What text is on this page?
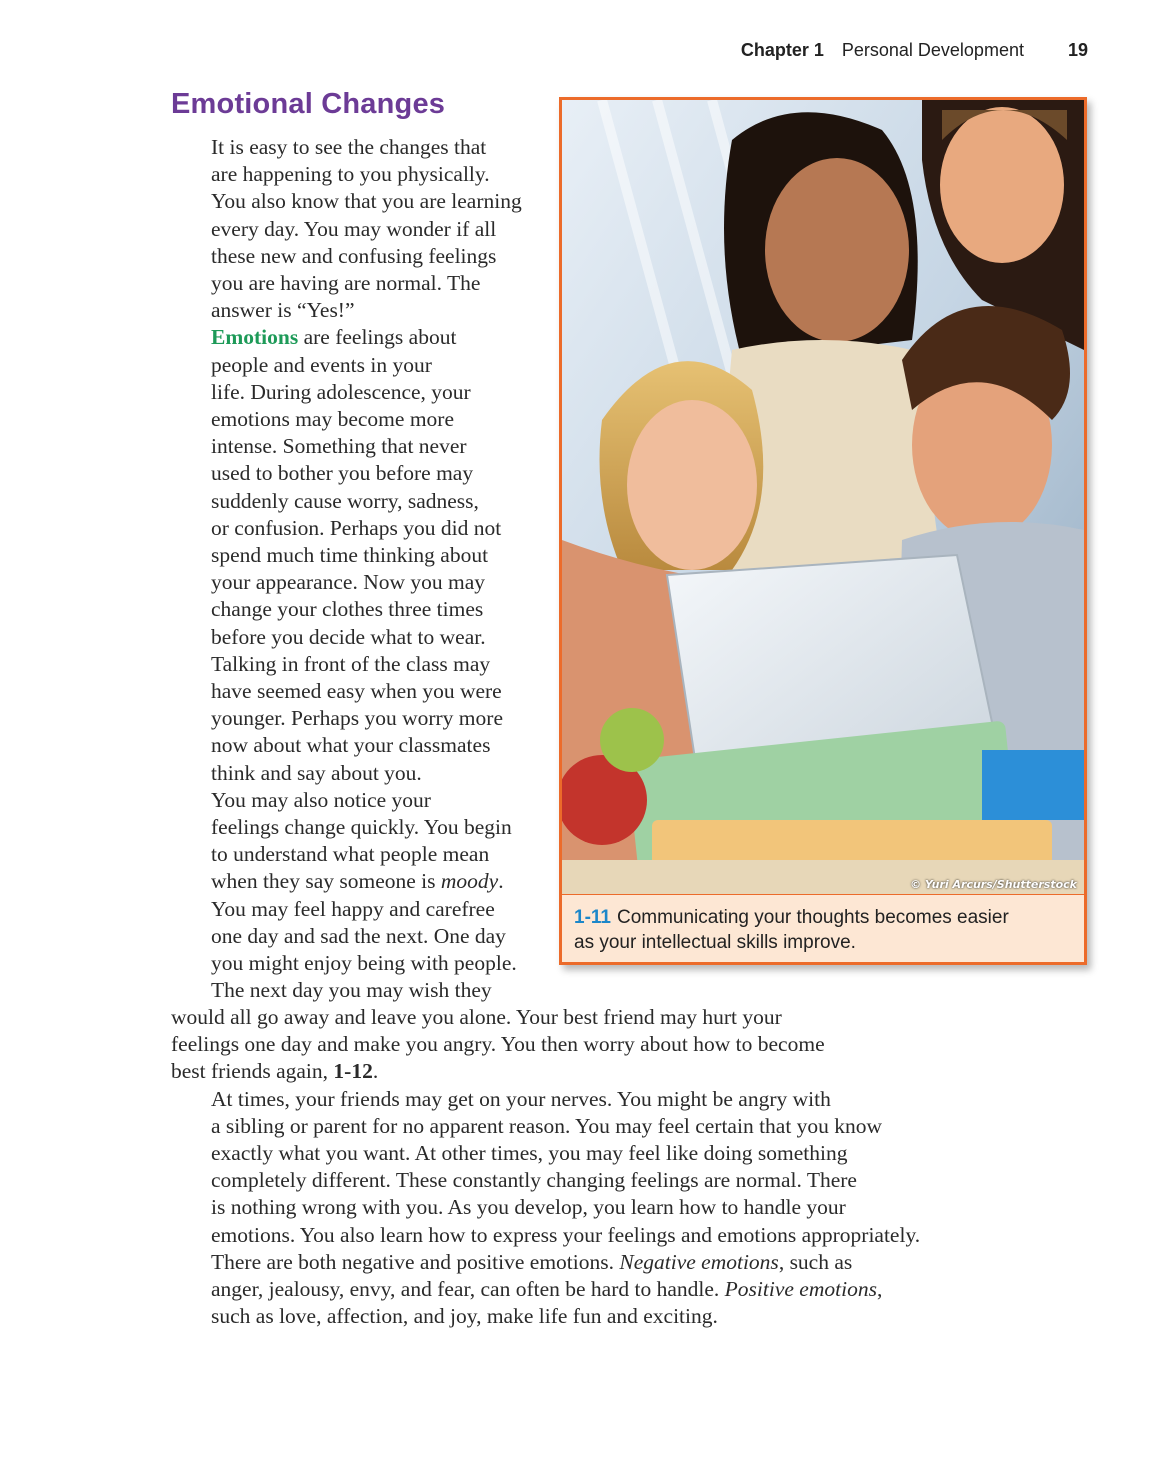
Chapter 1 Personal Development 19
Emotional Changes

It is easy to see the changes that
are happening to you physically.
You also know that you are learning
every day. You may wonder if all
these new and confusing feelings
you are having are normal. The
answer is “Yes!”

Emotions are feelings about
people and events in your
life. During adolescence, your
emotions may become more
intense. Something that never
used to bother you before may
suddenly cause worry, sadness,
or confusion. Perhaps you did not
spend much time thinking about
your appearance. Now you may
change your clothes three times
before you decide what to wear.
Talking in front of the class may
have seemed easy when you were
younger. Perhaps you worry more
now about what your classmates
think and say about you.

You may also notice your
feelings change quickly. You begin
to understand what people mean
when they say someone is moody.
You may feel happy and carefree
one day and sad the next. One day
you might enjoy being with people.
The next day you may wish they

would all go away and leave you alone. Your best friend may hurt your
feelings one day and make you angry. You then worry about how to become
best friends again, 1-12.

At times, your friends may get on your nerves. You might be angry with
a sibling or parent for no apparent reason. You may feel certain that you know
exactly what you want. At other times, you may feel like doing something
completely different. These constantly changing feelings are normal. There
is nothing wrong with you. As you develop, you learn how to handle your
emotions. You also learn how to express your feelings and emotions appropriately.

There are both negative and positive emotions. Negative emotions, such as
anger, jealousy, envy, and fear, can often be hard to handle. Positive emotions,
such as love, affection, and joy, make life fun and exciting.

© Yuri Arcurs/Shutterstock
1-11 Communicating your thoughts becomes easier
as your intellectual skills improve.
